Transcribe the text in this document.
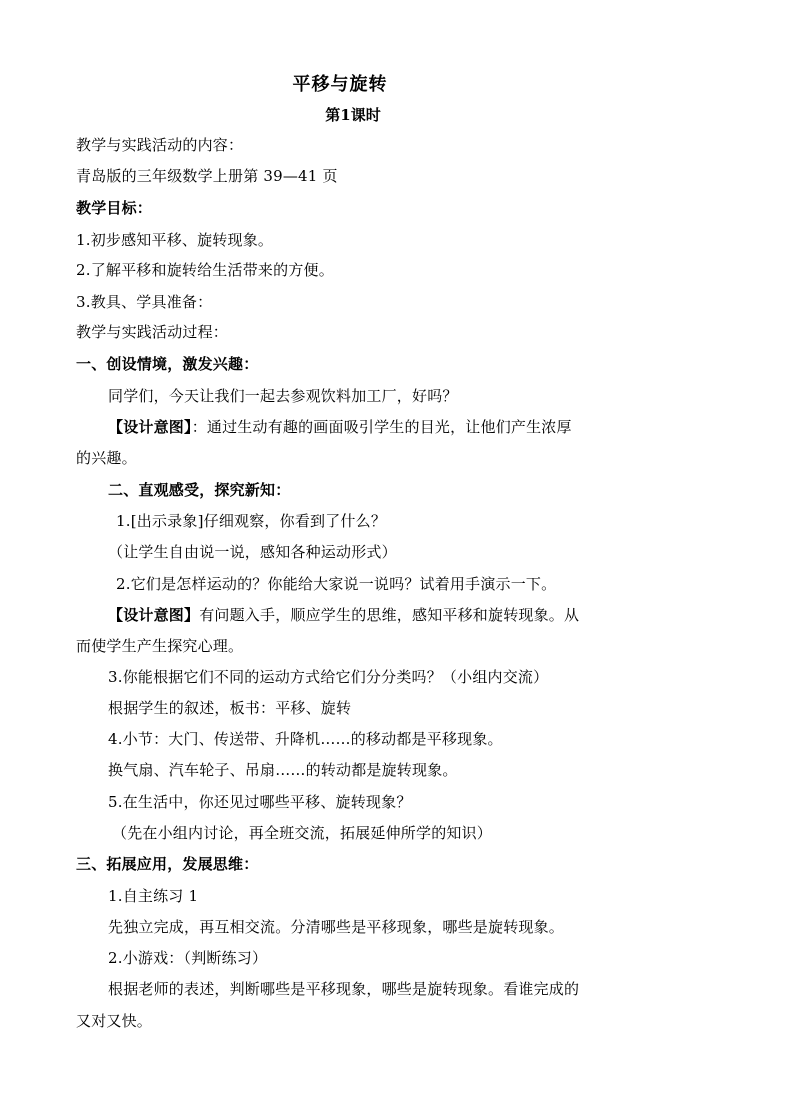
平移与旋转
第1课时
教学与实践活动的内容：
青岛版的三年级数学上册第 39—41 页
教学目标：
1.初步感知平移、旋转现象。
2.了解平移和旋转给生活带来的方便。
3.教具、学具准备：
教学与实践活动过程：
一、创设情境，激发兴趣：
同学们，今天让我们一起去参观饮料加工厂，好吗？
【设计意图】：通过生动有趣的画面吸引学生的目光，让他们产生浓厚
的兴趣。
二、直观感受，探究新知：
1.[出示录象]仔细观察，你看到了什么？
（让学生自由说一说，感知各种运动形式）
2.它们是怎样运动的？你能给大家说一说吗？试着用手演示一下。
【设计意图】有问题入手，顺应学生的思维，感知平移和旋转现象。从
而使学生产生探究心理。
3.你能根据它们不同的运动方式给它们分分类吗？（小组内交流）
根据学生的叙述，板书：平移、旋转
4.小节：大门、传送带、升降机……的移动都是平移现象。
换气扇、汽车轮子、吊扇……的转动都是旋转现象。
5.在生活中，你还见过哪些平移、旋转现象？
（先在小组内讨论，再全班交流，拓展延伸所学的知识）
三、拓展应用，发展思维：
1.自主练习 1
先独立完成，再互相交流。分清哪些是平移现象，哪些是旋转现象。
2.小游戏：（判断练习）
根据老师的表述，判断哪些是平移现象，哪些是旋转现象。看谁完成的
又对又快。
